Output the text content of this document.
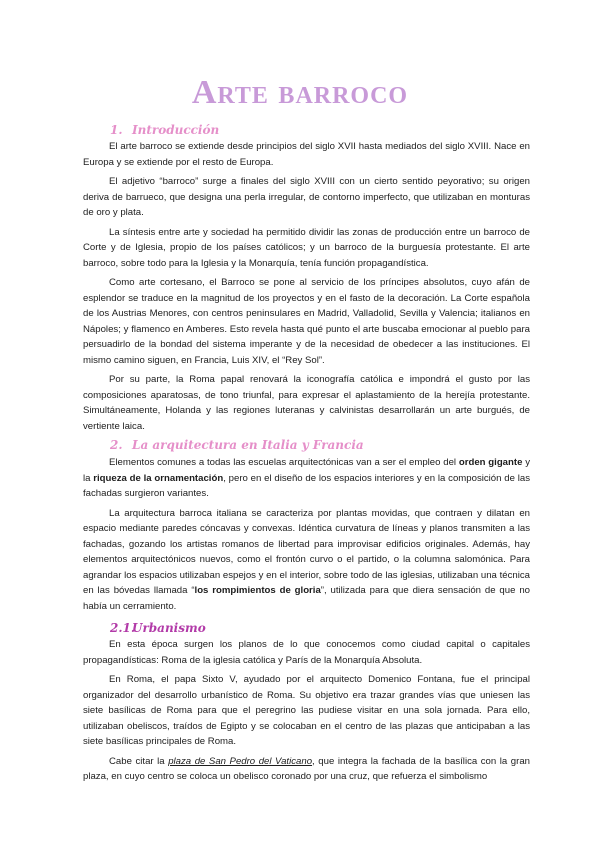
Arte barroco
1. Introducción

El arte barroco se extiende desde principios del siglo XVII hasta mediados del siglo XVIII. Nace en Europa y se extiende por el resto de Europa.

El adjetivo “barroco” surge a finales del siglo XVIII con un cierto sentido peyorativo; su origen deriva de barrueco, que designa una perla irregular, de contorno imperfecto, que utilizaban en monturas de oro y plata.

La síntesis entre arte y sociedad ha permitido dividir las zonas de producción entre un barroco de Corte y de Iglesia, propio de los países católicos; y un barroco de la burguesía protestante. El arte barroco, sobre todo para la Iglesia y la Monarquía, tenía función propagandística.

Como arte cortesano, el Barroco se pone al servicio de los príncipes absolutos, cuyo afán de esplendor se traduce en la magnitud de los proyectos y en el fasto de la decoración. La Corte española de los Austrias Menores, con centros peninsulares en Madrid, Valladolid, Sevilla y Valencia; italianos en Nápoles; y flamenco en Amberes. Esto revela hasta qué punto el arte buscaba emocionar al pueblo para persuadirlo de la bondad del sistema imperante y de la necesidad de obedecer a las instituciones. El mismo camino siguen, en Francia, Luis XIV, el “Rey Sol”.

Por su parte, la Roma papal renovará la iconografía católica e impondrá el gusto por las composiciones aparatosas, de tono triunfal, para expresar el aplastamiento de la herejía protestante. Simultáneamente, Holanda y las regiones luteranas y calvinistas desarrollarán un arte burgués, de vertiente laica.

2. La arquitectura en Italia y Francia

Elementos comunes a todas las escuelas arquitectónicas van a ser el empleo del orden gigante y la riqueza de la ornamentación, pero en el diseño de los espacios interiores y en la composición de las fachadas surgieron variantes.

La arquitectura barroca italiana se caracteriza por plantas movidas, que contraen y dilatan en espacio mediante paredes cóncavas y convexas. Idéntica curvatura de líneas y planos transmiten a las fachadas, gozando los artistas romanos de libertad para improvisar edificios originales. Además, hay elementos arquitectónicos nuevos, como el frontón curvo o el partido, o la columna salomónica. Para agrandar los espacios utilizaban espejos y en el interior, sobre todo de las iglesias, utilizaban una técnica en las bóvedas llamada “los rompimientos de gloria”, utilizada para que diera sensación de que no había un cerramiento.

2.1.Urbanismo

En esta época surgen los planos de lo que conocemos como ciudad capital o capitales propagandísticas: Roma de la iglesia católica y París de la Monarquía Absoluta.

En Roma, el papa Sixto V, ayudado por el arquitecto Domenico Fontana, fue el principal organizador del desarrollo urbanístico de Roma. Su objetivo era trazar grandes vías que uniesen las siete basílicas de Roma para que el peregrino las pudiese visitar en una sola jornada. Para ello, utilizaban obeliscos, traídos de Egipto y se colocaban en el centro de las plazas que anticipaban a las siete basílicas principales de Roma.

Cabe citar la plaza de San Pedro del Vaticano, que integra la fachada de la basílica con la gran plaza, en cuyo centro se coloca un obelisco coronado por una cruz, que refuerza el simbolismo
